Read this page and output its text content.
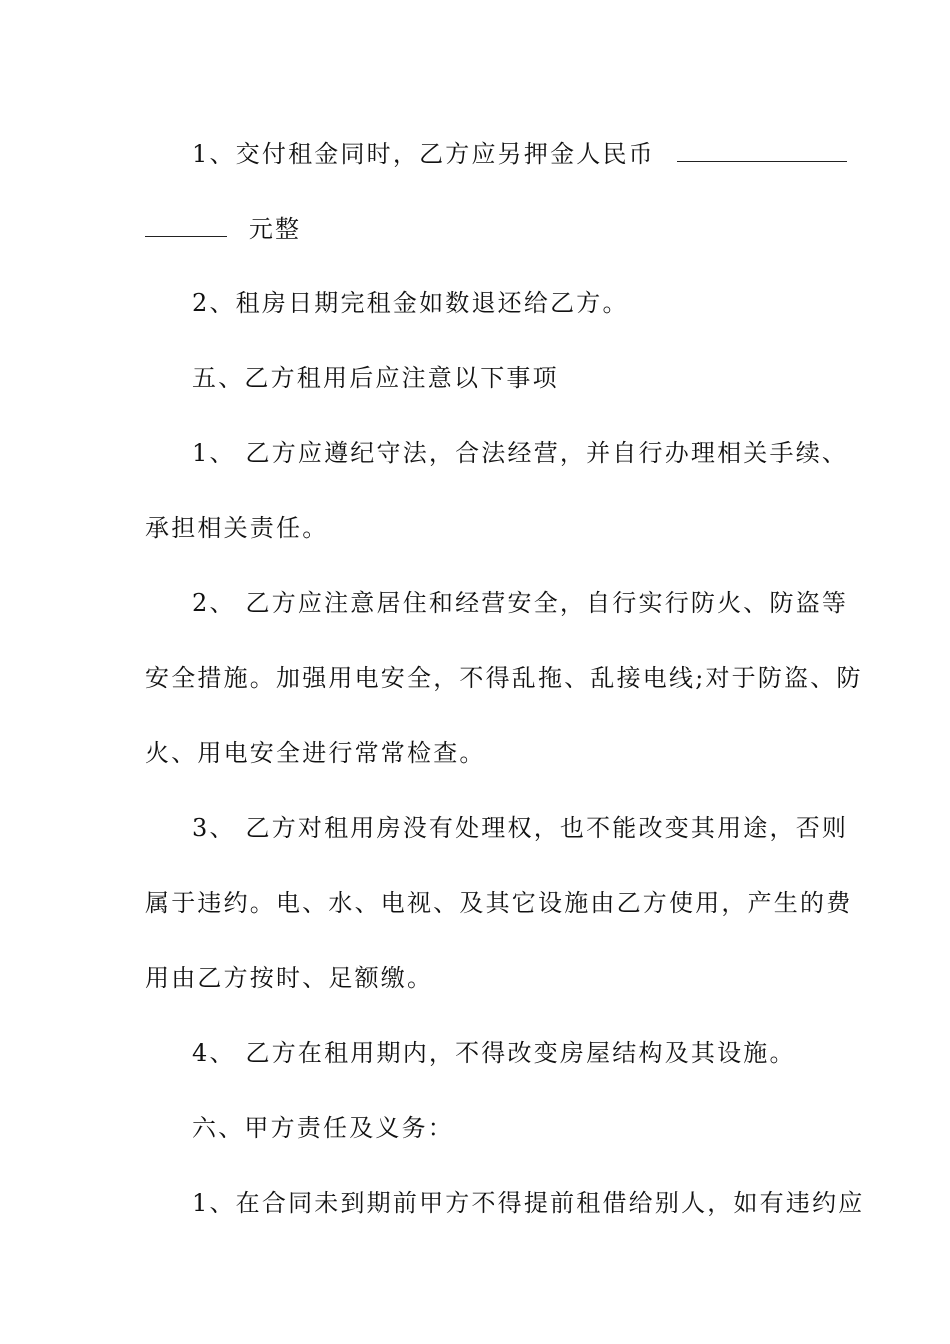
1、交付租金同时，乙方应另押金人民币
元整
2、租房日期完租金如数退还给乙方。
五、乙方租用后应注意以下事项
1、 乙方应遵纪守法，合法经营，并自行办理相关手续、
承担相关责任。
2、 乙方应注意居住和经营安全，自行实行防火、防盗等
安全措施。加强用电安全，不得乱拖、乱接电线;对于防盗、防
火、用电安全进行常常检查。
3、 乙方对租用房没有处理权，也不能改变其用途，否则
属于违约。电、水、电视、及其它设施由乙方使用，产生的费
用由乙方按时、足额缴。
4、 乙方在租用期内，不得改变房屋结构及其设施。
六、甲方责任及义务：
1、在合同未到期前甲方不得提前租借给别人，如有违约应
